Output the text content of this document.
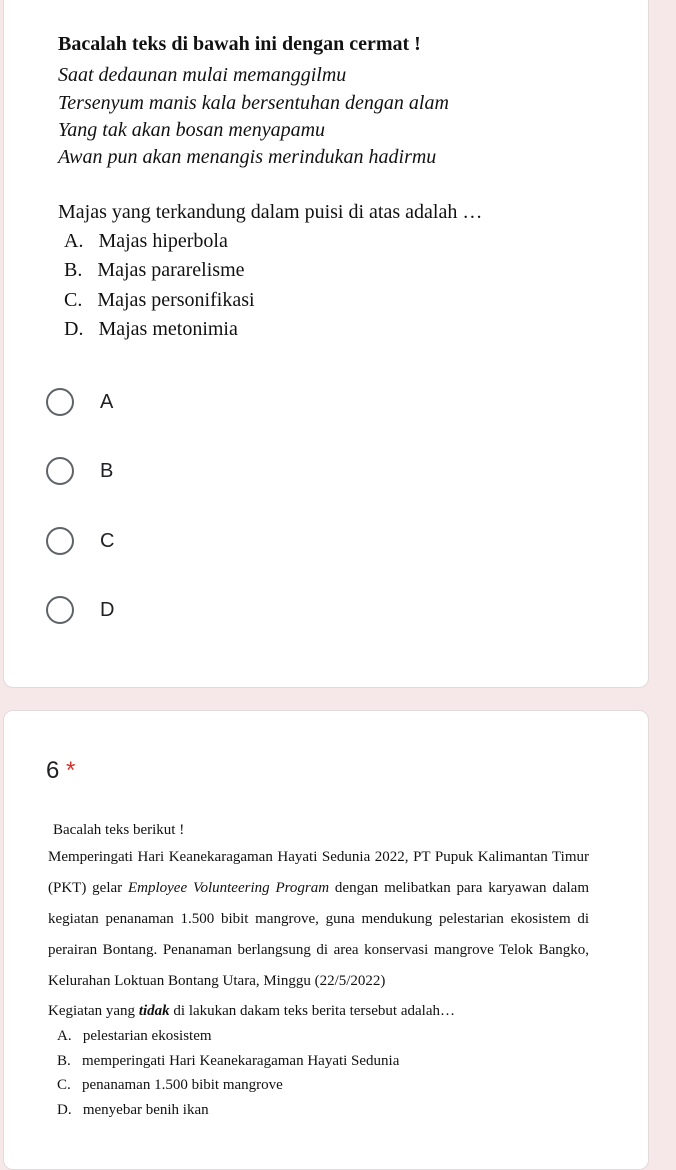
Bacalah teks di bawah ini dengan cermat !
Saat dedaunan mulai memanggilmu
Tersenyum manis kala bersentuhan dengan alam
Yang tak akan bosan menyapamu
Awan pun akan menangis merindukan hadirmu
Majas yang terkandung dalam puisi di atas adalah …
A. Majas hiperbola
B. Majas pararelisme
C. Majas personifikasi
D. Majas metonimia
A
B
C
D
6 *
Bacalah teks berikut !
Memperingati Hari Keanekaragaman Hayati Sedunia 2022, PT Pupuk Kalimantan Timur (PKT) gelar Employee Volunteering Program dengan melibatkan para karyawan dalam kegiatan penanaman 1.500 bibit mangrove, guna mendukung pelestarian ekosistem di perairan Bontang. Penanaman berlangsung di area konservasi mangrove Telok Bangko, Kelurahan Loktuan Bontang Utara, Minggu (22/5/2022)
Kegiatan yang tidak di lakukan dakam teks berita tersebut adalah…
A. pelestarian ekosistem
B. memperingati Hari Keanekaragaman Hayati Sedunia
C. penanaman 1.500 bibit mangrove
D. menyebar benih ikan
